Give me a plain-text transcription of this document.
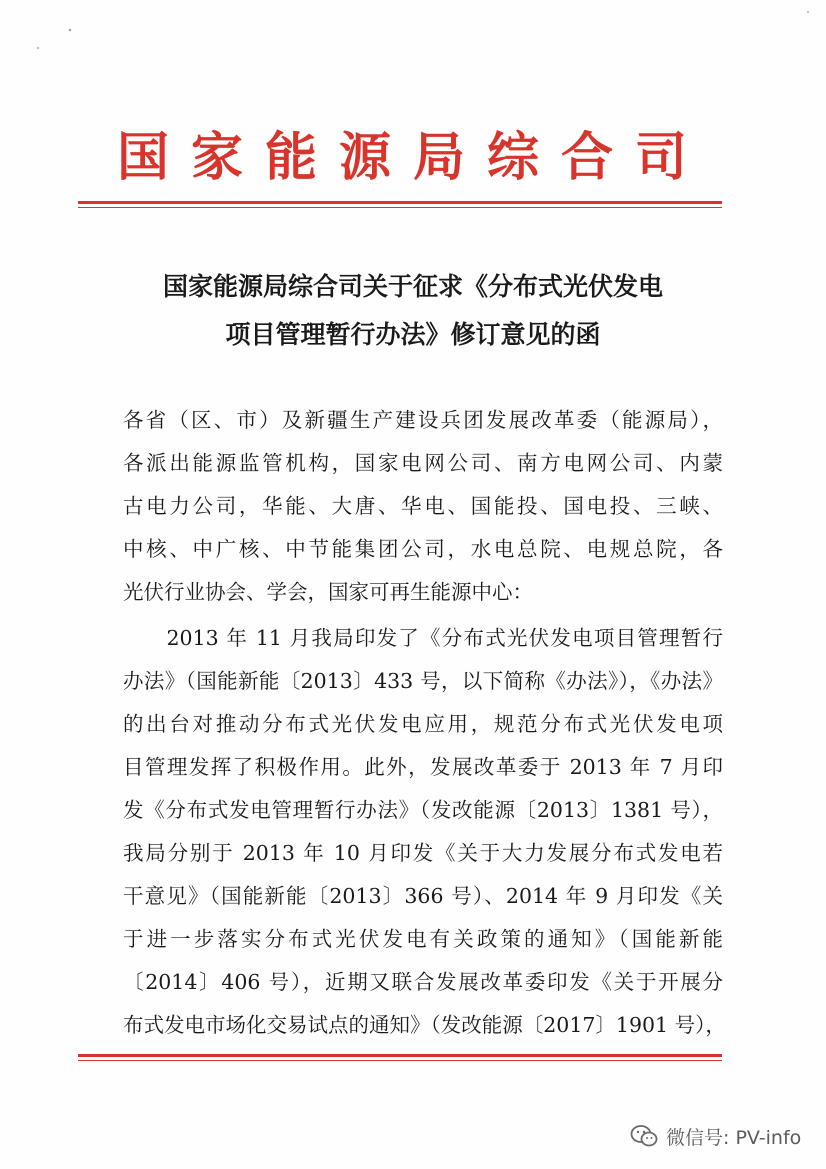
国家能源局综合司
国家能源局综合司关于征求《分布式光伏发电
项目管理暂行办法》修订意见的函
各省（区、市）及新疆生产建设兵团发展改革委（能源局），
各派出能源监管机构，国家电网公司、南方电网公司、内蒙
古电力公司，华能、大唐、华电、国能投、国电投、三峡、
中核、中广核、中节能集团公司，水电总院、电规总院，各
光伏行业协会、学会，国家可再生能源中心：
　　2013 年 11 月我局印发了《分布式光伏发电项目管理暂行
办法》（国能新能〔2013〕433 号，以下简称《办法》），《办法》
的出台对推动分布式光伏发电应用，规范分布式光伏发电项
目管理发挥了积极作用。此外，发展改革委于 2013 年 7 月印
发《分布式发电管理暂行办法》（发改能源〔2013〕1381 号），
我局分别于 2013 年 10 月印发《关于大力发展分布式发电若
干意见》（国能新能〔2013〕366 号）、2014 年 9 月印发《关
于进一步落实分布式光伏发电有关政策的通知》（国能新能
〔2014〕406 号），近期又联合发展改革委印发《关于开展分
布式发电市场化交易试点的通知》（发改能源〔2017〕1901 号），
微信号: PV-info
